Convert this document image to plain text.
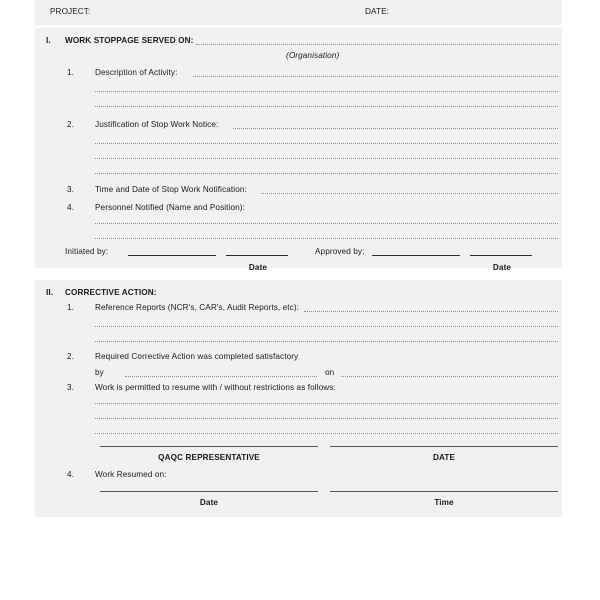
PROJECT:	DATE:
I. WORK STOPPAGE SERVED ON:
(Organisation)
1.	Description of Activity:
2.	Justification of Stop Work Notice:
3.	Time and Date of Stop Work Notification:
4.	Personnel Notified (Name and Position):
Initiated by:
Date
Approved by:
Date
II. CORRECTIVE ACTION:
1.	Reference Reports (NCR's, CAR's, Audit Reports, etc):
2.	Required Corrective Action was completed satisfactory
by	on
3.	Work is permitted to resume with / without restrictions as follows:
QAQC REPRESENTATIVE	DATE
4.	Work Resumed on:
Date	Time
